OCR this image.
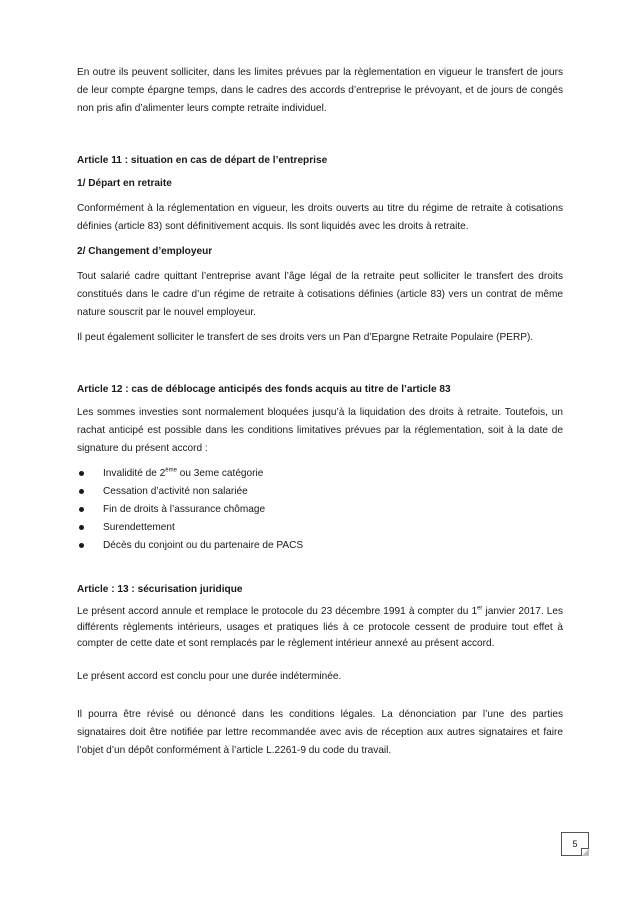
En outre ils peuvent solliciter, dans les limites prévues par la règlementation en vigueur le transfert de jours de leur compte épargne temps, dans le cadres des accords d’entreprise le prévoyant, et de jours de congés non pris afin d’alimenter leurs compte retraite individuel.

Article 11 : situation en cas de départ de l’entreprise

1/ Départ en retraite

Conformément à la réglementation en vigueur, les droits ouverts au titre du régime de retraite à cotisations définies (article 83) sont définitivement acquis. Ils sont liquidés avec les droits à retraite.

2/ Changement d’employeur

Tout salarié cadre quittant l’entreprise avant l’âge légal de la retraite peut solliciter le transfert des droits constitués dans le cadre d’un régime de retraite à cotisations définies (article 83) vers un contrat de même nature souscrit par le nouvel employeur.

Il peut également solliciter le transfert de ses droits vers un Pan d’Epargne Retraite Populaire (PERP).

Article 12 : cas de déblocage anticipés des fonds acquis au titre de l’article 83

Les sommes investies sont normalement bloquées jusqu’à la liquidation des droits à retraite. Toutefois, un rachat anticipé est possible dans les conditions limitatives prévues par la réglementation, soit à la date de signature du présent accord :

Invalidité de 2ème ou 3eme catégorie
Cessation d’activité non salariée
Fin de droits à l’assurance chômage
Surendettement
Décès du conjoint ou du partenaire de PACS

Article : 13 : sécurisation juridique

Le présent accord annule et remplace le protocole du 23 décembre 1991 à compter du 1er janvier 2017. Les différents règlements intérieurs, usages et pratiques liés à ce protocole cessent de produire tout effet à compter de cette date et sont remplacés par le règlement intérieur annexé au présent accord.

Le présent accord est conclu pour une durée indéterminée.

Il pourra être révisé ou dénoncé dans les conditions légales. La dénonciation par l’une des parties signataires doit être notifiée par lettre recommandée avec avis de réception aux autres signataires et faire l’objet d’un dépôt conformément à l’article L.2261-9 du code du travail.

5
